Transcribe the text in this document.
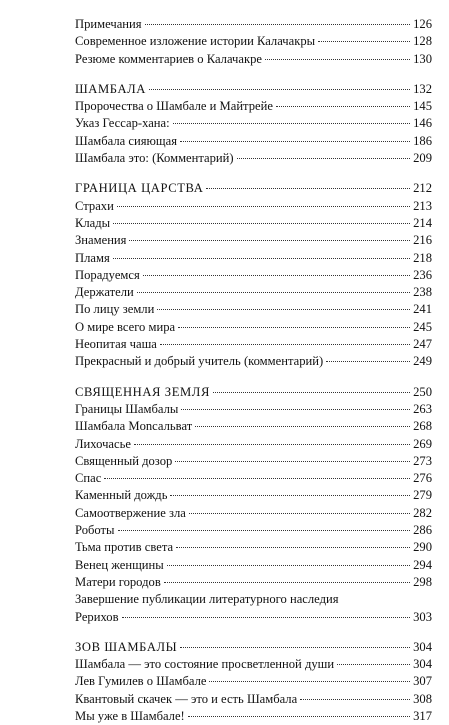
Примечания	126
Современное изложение истории Калачакры	128
Резюме комментариев о Калачакре	130
ШАМБАЛА	132
Пророчества о Шамбале и Майтрейе	145
Указ Гессар-хана:	146
Шамбала сияющая	186
Шамбала это: (Комментарий)	209
ГРАНИЦА ЦАРСТВА	212
Страхи	213
Клады	214
Знамения	216
Пламя	218
Порадуемся	236
Держатели	238
По лицу земли	241
О мире всего мира	245
Неопитая чаша	247
Прекрасный и добрый учитель (комментарий)	249
СВЯЩЕННАЯ ЗЕМЛЯ	250
Границы Шамбалы	263
Шамбала Мonсальват	268
Лихочасье	269
Священный дозор	273
Спас	276
Каменный дождь	279
Самоотвержение зла	282
Роботы	286
Тьма против света	290
Венец женщины	294
Матери городов	298
Завершение публикации литературного наследия
Рерихов	303
ЗОВ ШАМБАЛЫ	304
Шамбала — это состояние просветленной души	304
Лев Гумилев о Шамбале	307
Квантовый скачек — это и есть Шамбала	308
Мы уже в Шамбале!	317
